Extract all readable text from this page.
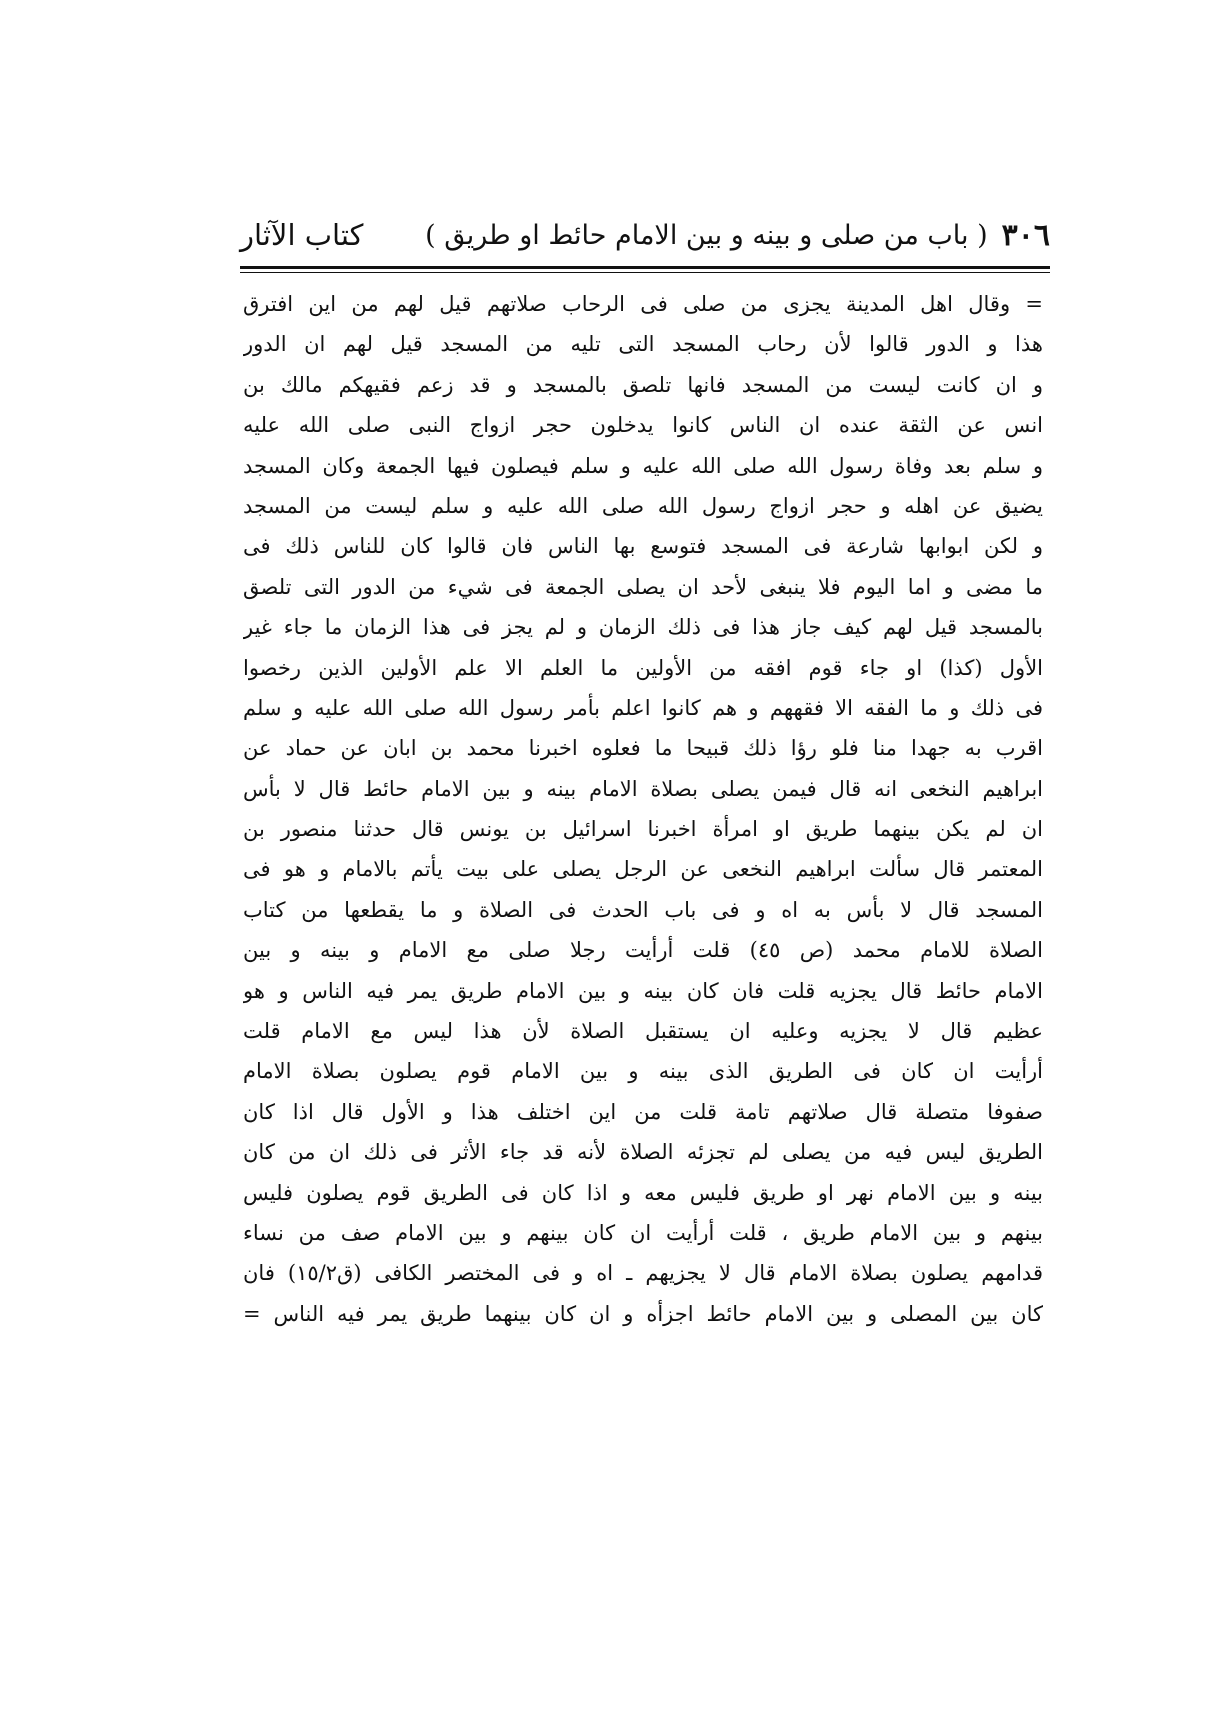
٣٠٦
( باب من صلى و بينه و بين الامام حائط او طريق )
كتاب الآثار
= وقال اهل المدينة يجزى من صلى فى الرحاب صلاتهم قيل لهم من اين افترق
هذا و الدور قالوا لأن رحاب المسجد التى تليه من المسجد قيل لهم ان الدور
و ان كانت ليست من المسجد فانها تلصق بالمسجد و قد زعم فقيهكم مالك بن
انس عن الثقة عنده ان الناس كانوا يدخلون حجر ازواج النبى صلى الله عليه
و سلم بعد وفاة رسول الله صلى الله عليه و سلم فيصلون فيها الجمعة وكان المسجد
يضيق عن اهله و حجر ازواج رسول الله صلى الله عليه و سلم ليست من المسجد
و لكن ابوابها شارعة فى المسجد فتوسع بها الناس فان قالوا كان للناس ذلك فى
ما مضى و اما اليوم فلا ينبغى لأحد ان يصلى الجمعة فى شيء من الدور التى تلصق
بالمسجد قيل لهم كيف جاز هذا فى ذلك الزمان و لم يجز فى هذا الزمان ما جاء غير
الأول (كذا) او جاء قوم افقه من الأولين ما العلم الا علم الأولين الذين رخصوا
فى ذلك و ما الفقه الا فقههم و هم كانوا اعلم بأمر رسول الله صلى الله عليه و سلم
اقرب به جهدا منا فلو رؤا ذلك قبيحا ما فعلوه اخبرنا محمد بن ابان عن حماد عن
ابراهيم النخعى انه قال فيمن يصلى بصلاة الامام بينه و بين الامام حائط قال لا بأس
ان لم يكن بينهما طريق او امرأة اخبرنا اسرائيل بن يونس قال حدثنا منصور بن
المعتمر قال سألت ابراهيم النخعى عن الرجل يصلى على بيت يأتم بالامام و هو فى
المسجد قال لا بأس به اه و فى باب الحدث فى الصلاة و ما يقطعها من كتاب
الصلاة للامام محمد (ص ٤٥) قلت أرأيت رجلا صلى مع الامام و بينه و بين
الامام حائط قال يجزيه قلت فان كان بينه و بين الامام طريق يمر فيه الناس و هو
عظيم قال لا يجزيه وعليه ان يستقبل الصلاة لأن هذا ليس مع الامام قلت
أرأيت ان كان فى الطريق الذى بينه و بين الامام قوم يصلون بصلاة الامام
صفوفا متصلة قال صلاتهم تامة قلت من اين اختلف هذا و الأول قال اذا كان
الطريق ليس فيه من يصلى لم تجزئه الصلاة لأنه قد جاء الأثر فى ذلك ان من كان
بينه و بين الامام نهر او طريق فليس معه و اذا كان فى الطريق قوم يصلون فليس
بينهم و بين الامام طريق ، قلت أرأيت ان كان بينهم و بين الامام صف من نساء
قدامهم يصلون بصلاة الامام قال لا يجزيهم ـ اه و فى المختصر الكافى (ق١٥/٢) فان
كان بين المصلى و بين الامام حائط اجزأه و ان كان بينهما طريق يمر فيه الناس =
